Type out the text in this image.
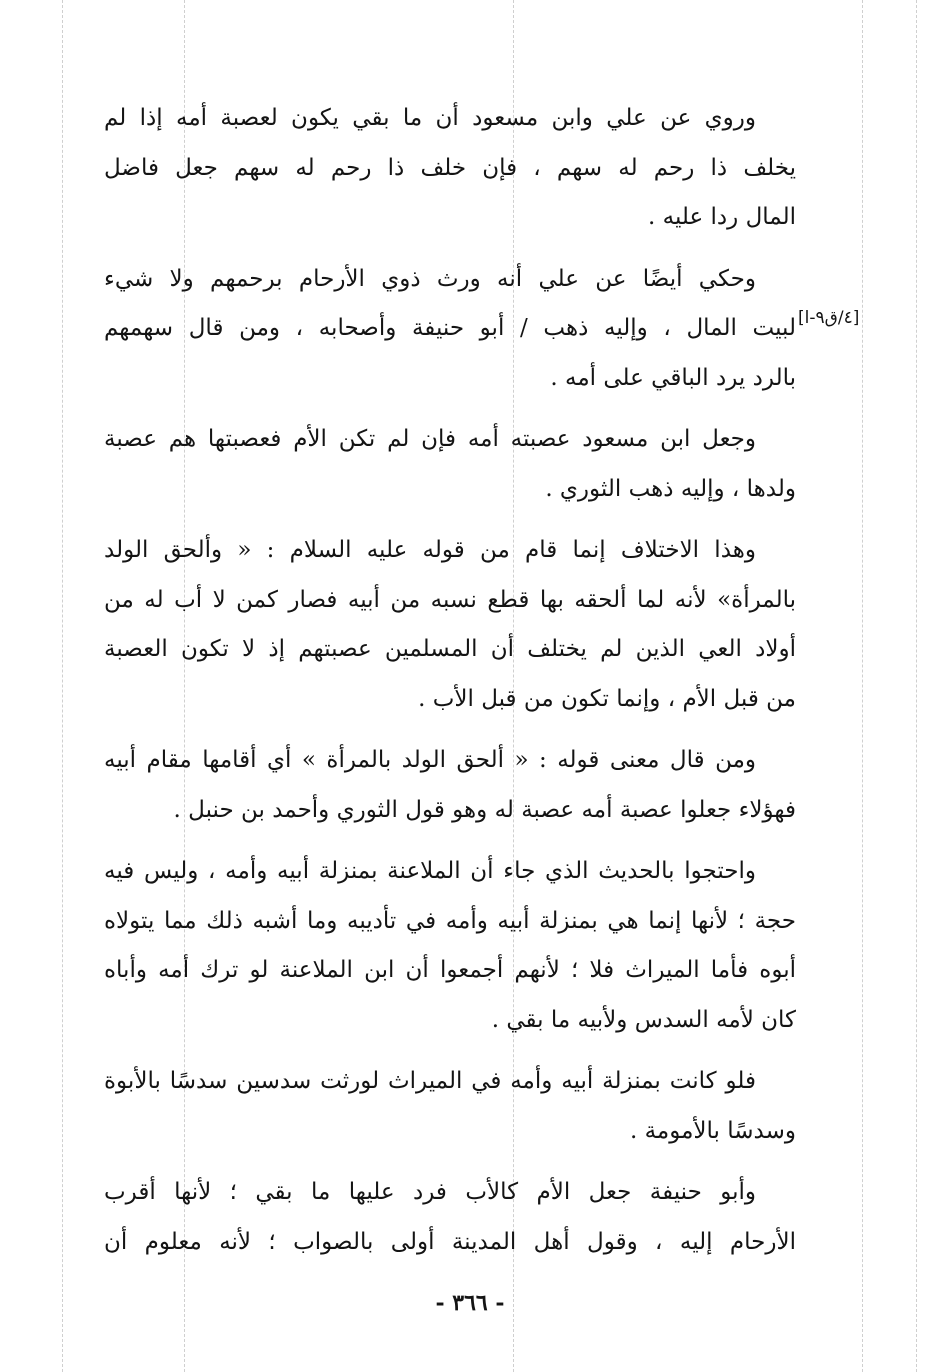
وروي عن علي وابن مسعود أن ما بقي يكون لعصبة أمه إذا لم
يخلف ذا رحم له سهم ، فإن خلف ذا رحم له سهم جعل فاضل
المال ردا عليه .
وحكي أيضًا عن علي أنه ورث ذوي الأرحام برحمهم ولا شيء
لبيت المال ، وإليه ذهب / أبو حنيفة وأصحابه ، ومن قال سهمهم
بالرد يرد الباقي على أمه .
وجعل ابن مسعود عصبته أمه فإن لم تكن الأم فعصبتها هم عصبة
ولدها ، وإليه ذهب الثوري .
وهذا الاختلاف إنما قام من قوله عليه السلام : « وألحق الولد
بالمرأة» لأنه لما ألحقه بها قطع نسبه من أبيه فصار كمن لا أب له من
أولاد العي الذين لم يختلف أن المسلمين عصبتهم إذ لا تكون العصبة
من قبل الأم ، وإنما تكون من قبل الأب .
ومن قال معنى قوله : « ألحق الولد بالمرأة » أي أقامها مقام أبيه
فهؤلاء جعلوا عصبة أمه عصبة له وهو قول الثوري وأحمد بن حنبل .
واحتجوا بالحديث الذي جاء أن الملاعنة بمنزلة أبيه وأمه ، وليس فيه
حجة ؛ لأنها إنما هي بمنزلة أبيه وأمه في تأديبه وما أشبه ذلك مما يتولاه
أبوه فأما الميراث فلا ؛ لأنهم أجمعوا أن ابن الملاعنة لو ترك أمه وأباه
كان لأمه السدس ولأبيه ما بقي .
فلو كانت بمنزلة أبيه وأمه في الميراث لورثت سدسين سدسًا بالأبوة
وسدسًا بالأمومة .
وأبو حنيفة جعل الأم كالأب فرد عليها ما بقي ؛ لأنها أقرب
الأرحام إليه ، وقول أهل المدينة أولى بالصواب ؛ لأنه معلوم أن
[٤/ق٩-ا]
- ٣٦٦ -
